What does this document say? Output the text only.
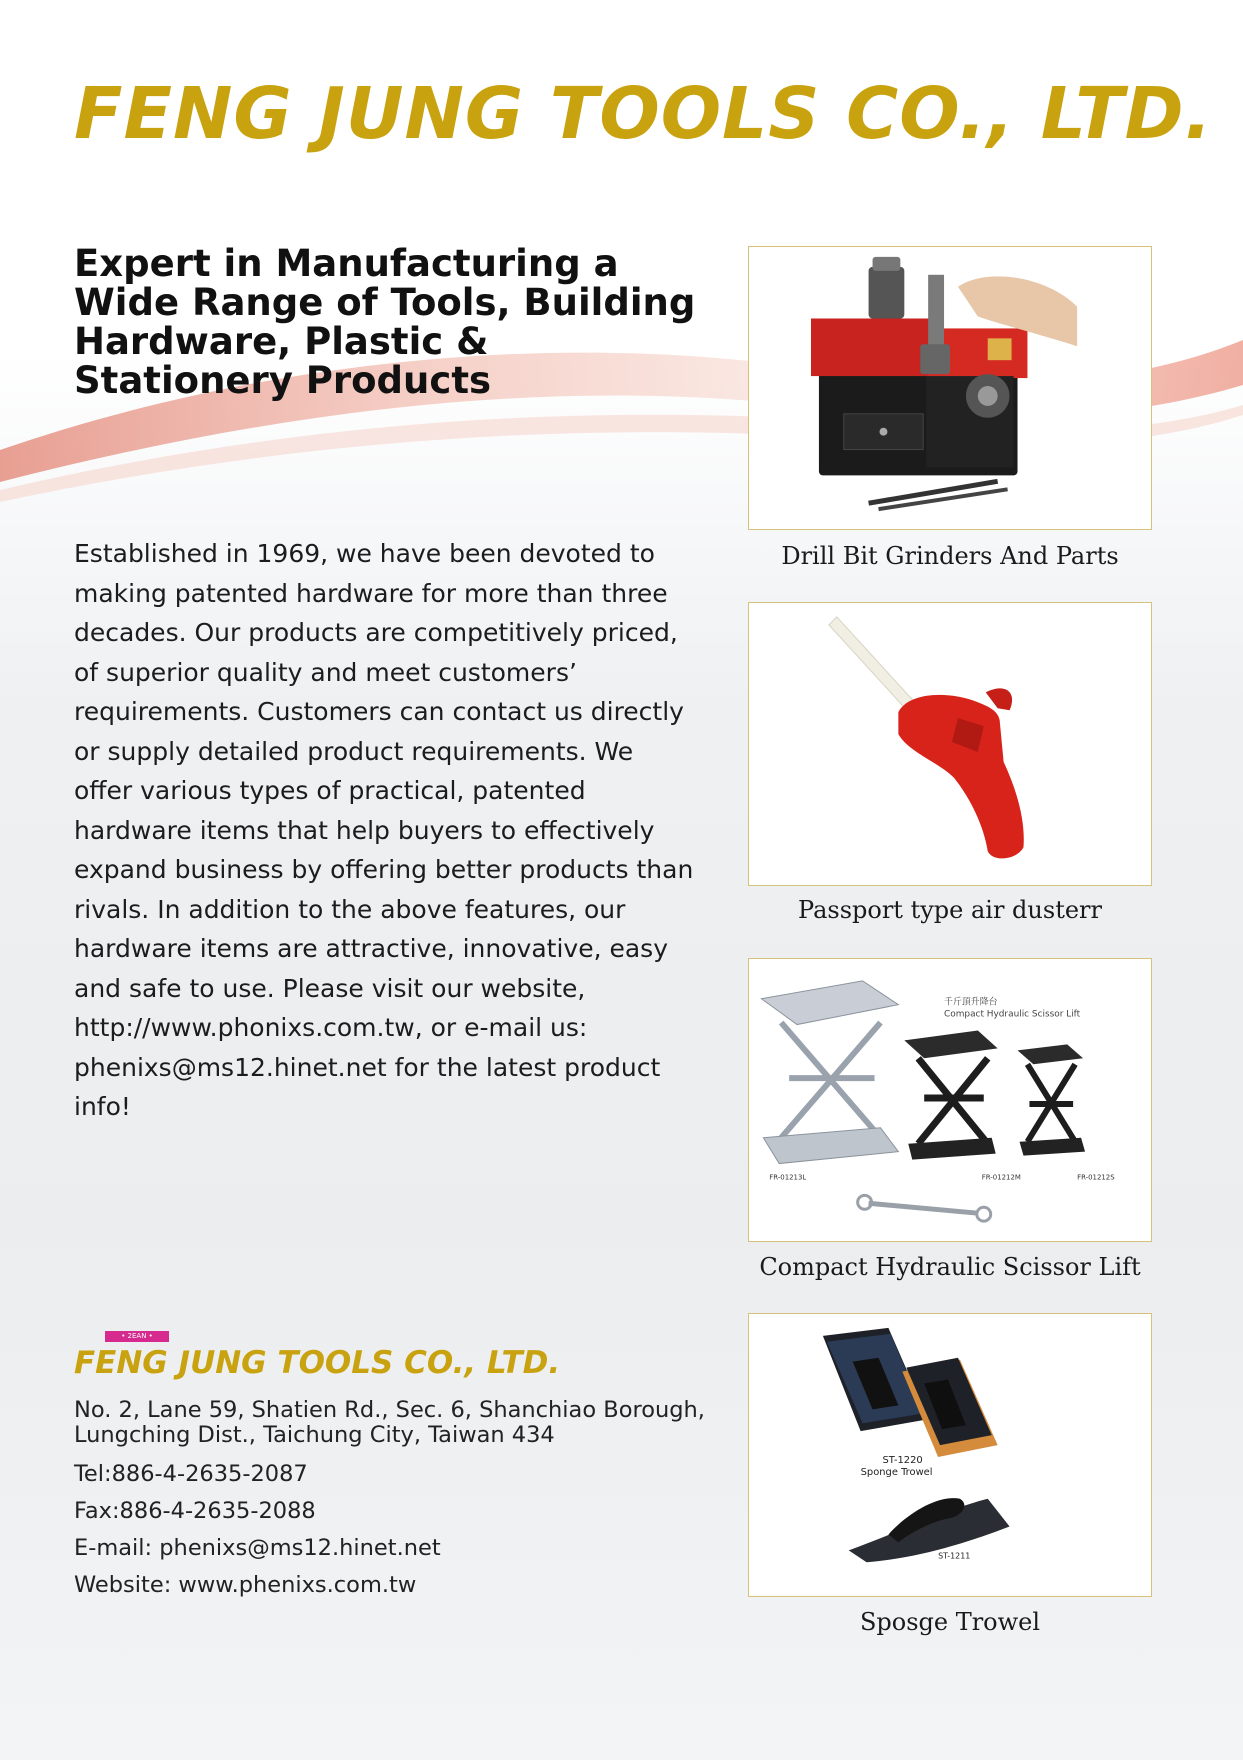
FENG JUNG TOOLS CO., LTD.
Expert in Manufacturing a Wide Range of Tools, Building Hardware, Plastic & Stationery Products

Established in 1969, we have been devoted to making patented hardware for more than three decades. Our products are competitively priced, of superior quality and meet customers’ requirements. Customers can contact us directly or supply detailed product requirements. We offer various types of practical, patented hardware items that help buyers to effectively expand business by offering better products than rivals. In addition to the above features, our hardware items are attractive, innovative, easy and safe to use. Please visit our website, http://www.phonixs.com.tw, or e-mail us: phenixs@ms12.hinet.net for the latest product info!

• 2EAN •
FENG JUNG TOOLS CO., LTD.

No. 2, Lane 59, Shatien Rd., Sec. 6, Shanchiao Borough, Lungching Dist., Taichung City, Taiwan 434

Tel:886-4-2635-2087

Fax:886-4-2635-2088

E-mail: phenixs@ms12.hinet.net

Website: www.phenixs.com.tw

Drill Bit Grinders And Parts

Passport type air dusterr

千斤頂升降台
Compact Hydraulic Scissor Lift
FR-01213L	FR-01212M	FR-01212S

Compact Hydraulic Scissor Lift

ST-1220
Sponge Trowel
ST-1211

Sposge Trowel
